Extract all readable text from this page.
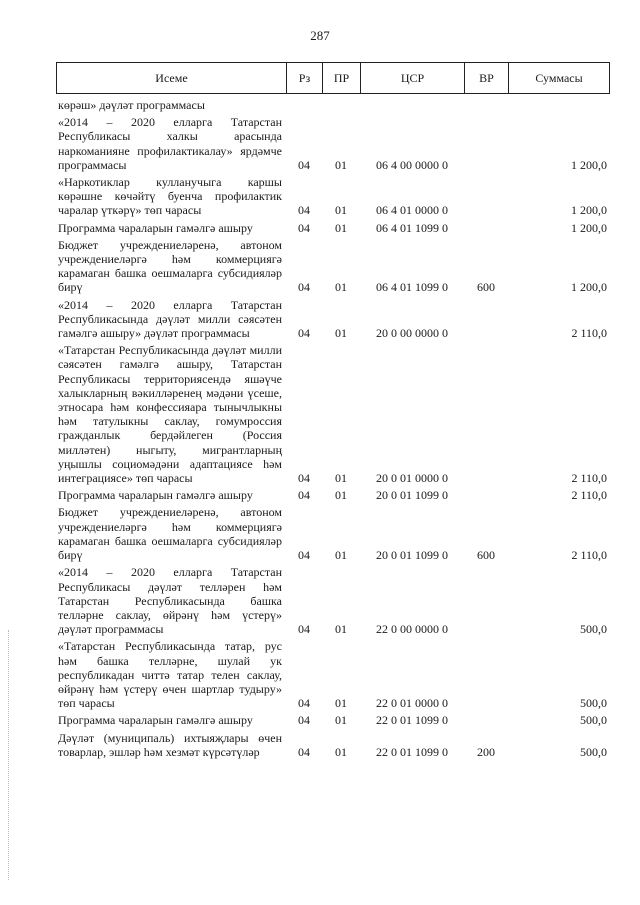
287
Исеме	Рз	ПР	ЦСР	ВР	Суммасы
көрәш» дәүләт программасы					
«2014 – 2020 елларга Татарстан Республикасы халкы арасында наркоманияне профилактикалау» ярдәмче программасы	04	01	06 4 00 0000 0		1 200,0
«Наркотиклар кулланучыга каршы көрәшне көчәйтү буенча профилактик чаралар үткәрү» төп чарасы	04	01	06 4 01 0000 0		1 200,0
Программа чараларын гамәлгә ашыру	04	01	06 4 01 1099 0		1 200,0
Бюджет учреждениеләренә, автоном учреждениеләргә һәм коммерциягә карамаган башка оешмаларга субсидияләр бирү	04	01	06 4 01 1099 0	600	1 200,0
«2014 – 2020 елларга Татарстан Республикасында дәүләт милли сәясәтен гамәлгә ашыру» дәүләт программасы	04	01	20 0 00 0000 0		2 110,0
«Татарстан Республикасында дәүләт милли сәясәтен гамәлгә ашыру, Татарстан Республикасы территориясендә яшәүче халыкларның вәкилләренең мәдәни үсеше, этносара һәм конфессияара тынычлыкны һәм татулыкны саклау, гомумроссия гражданлык бердәйлеген (Россия милләтен) ныгыту, мигрантларның уңышлы социомәдәни адаптациясе һәм интеграциясе» төп чарасы	04	01	20 0 01 0000 0		2 110,0
Программа чараларын гамәлгә ашыру	04	01	20 0 01 1099 0		2 110,0
Бюджет учреждениеләренә, автоном учреждениеләргә һәм коммерциягә карамаган башка оешмаларга субсидияләр бирү	04	01	20 0 01 1099 0	600	2 110,0
«2014 – 2020 елларга Татарстан Республикасы дәүләт телләрен һәм Татарстан Республикасында башка телләрне саклау, өйрәнү һәм үстерү» дәүләт программасы	04	01	22 0 00 0000 0		500,0
«Татарстан Республикасында татар, рус һәм башка телләрне, шулай ук республикадан читтә татар телен саклау, өйрәнү һәм үстерү өчен шартлар тудыру» төп чарасы	04	01	22 0 01 0000 0		500,0
Программа чараларын гамәлгә ашыру	04	01	22 0 01 1099 0		500,0
Дәүләт (муниципаль) ихтыяҗлары өчен товарлар, эшләр һәм хезмәт күрсәтүләр	04	01	22 0 01 1099 0	200	500,0
